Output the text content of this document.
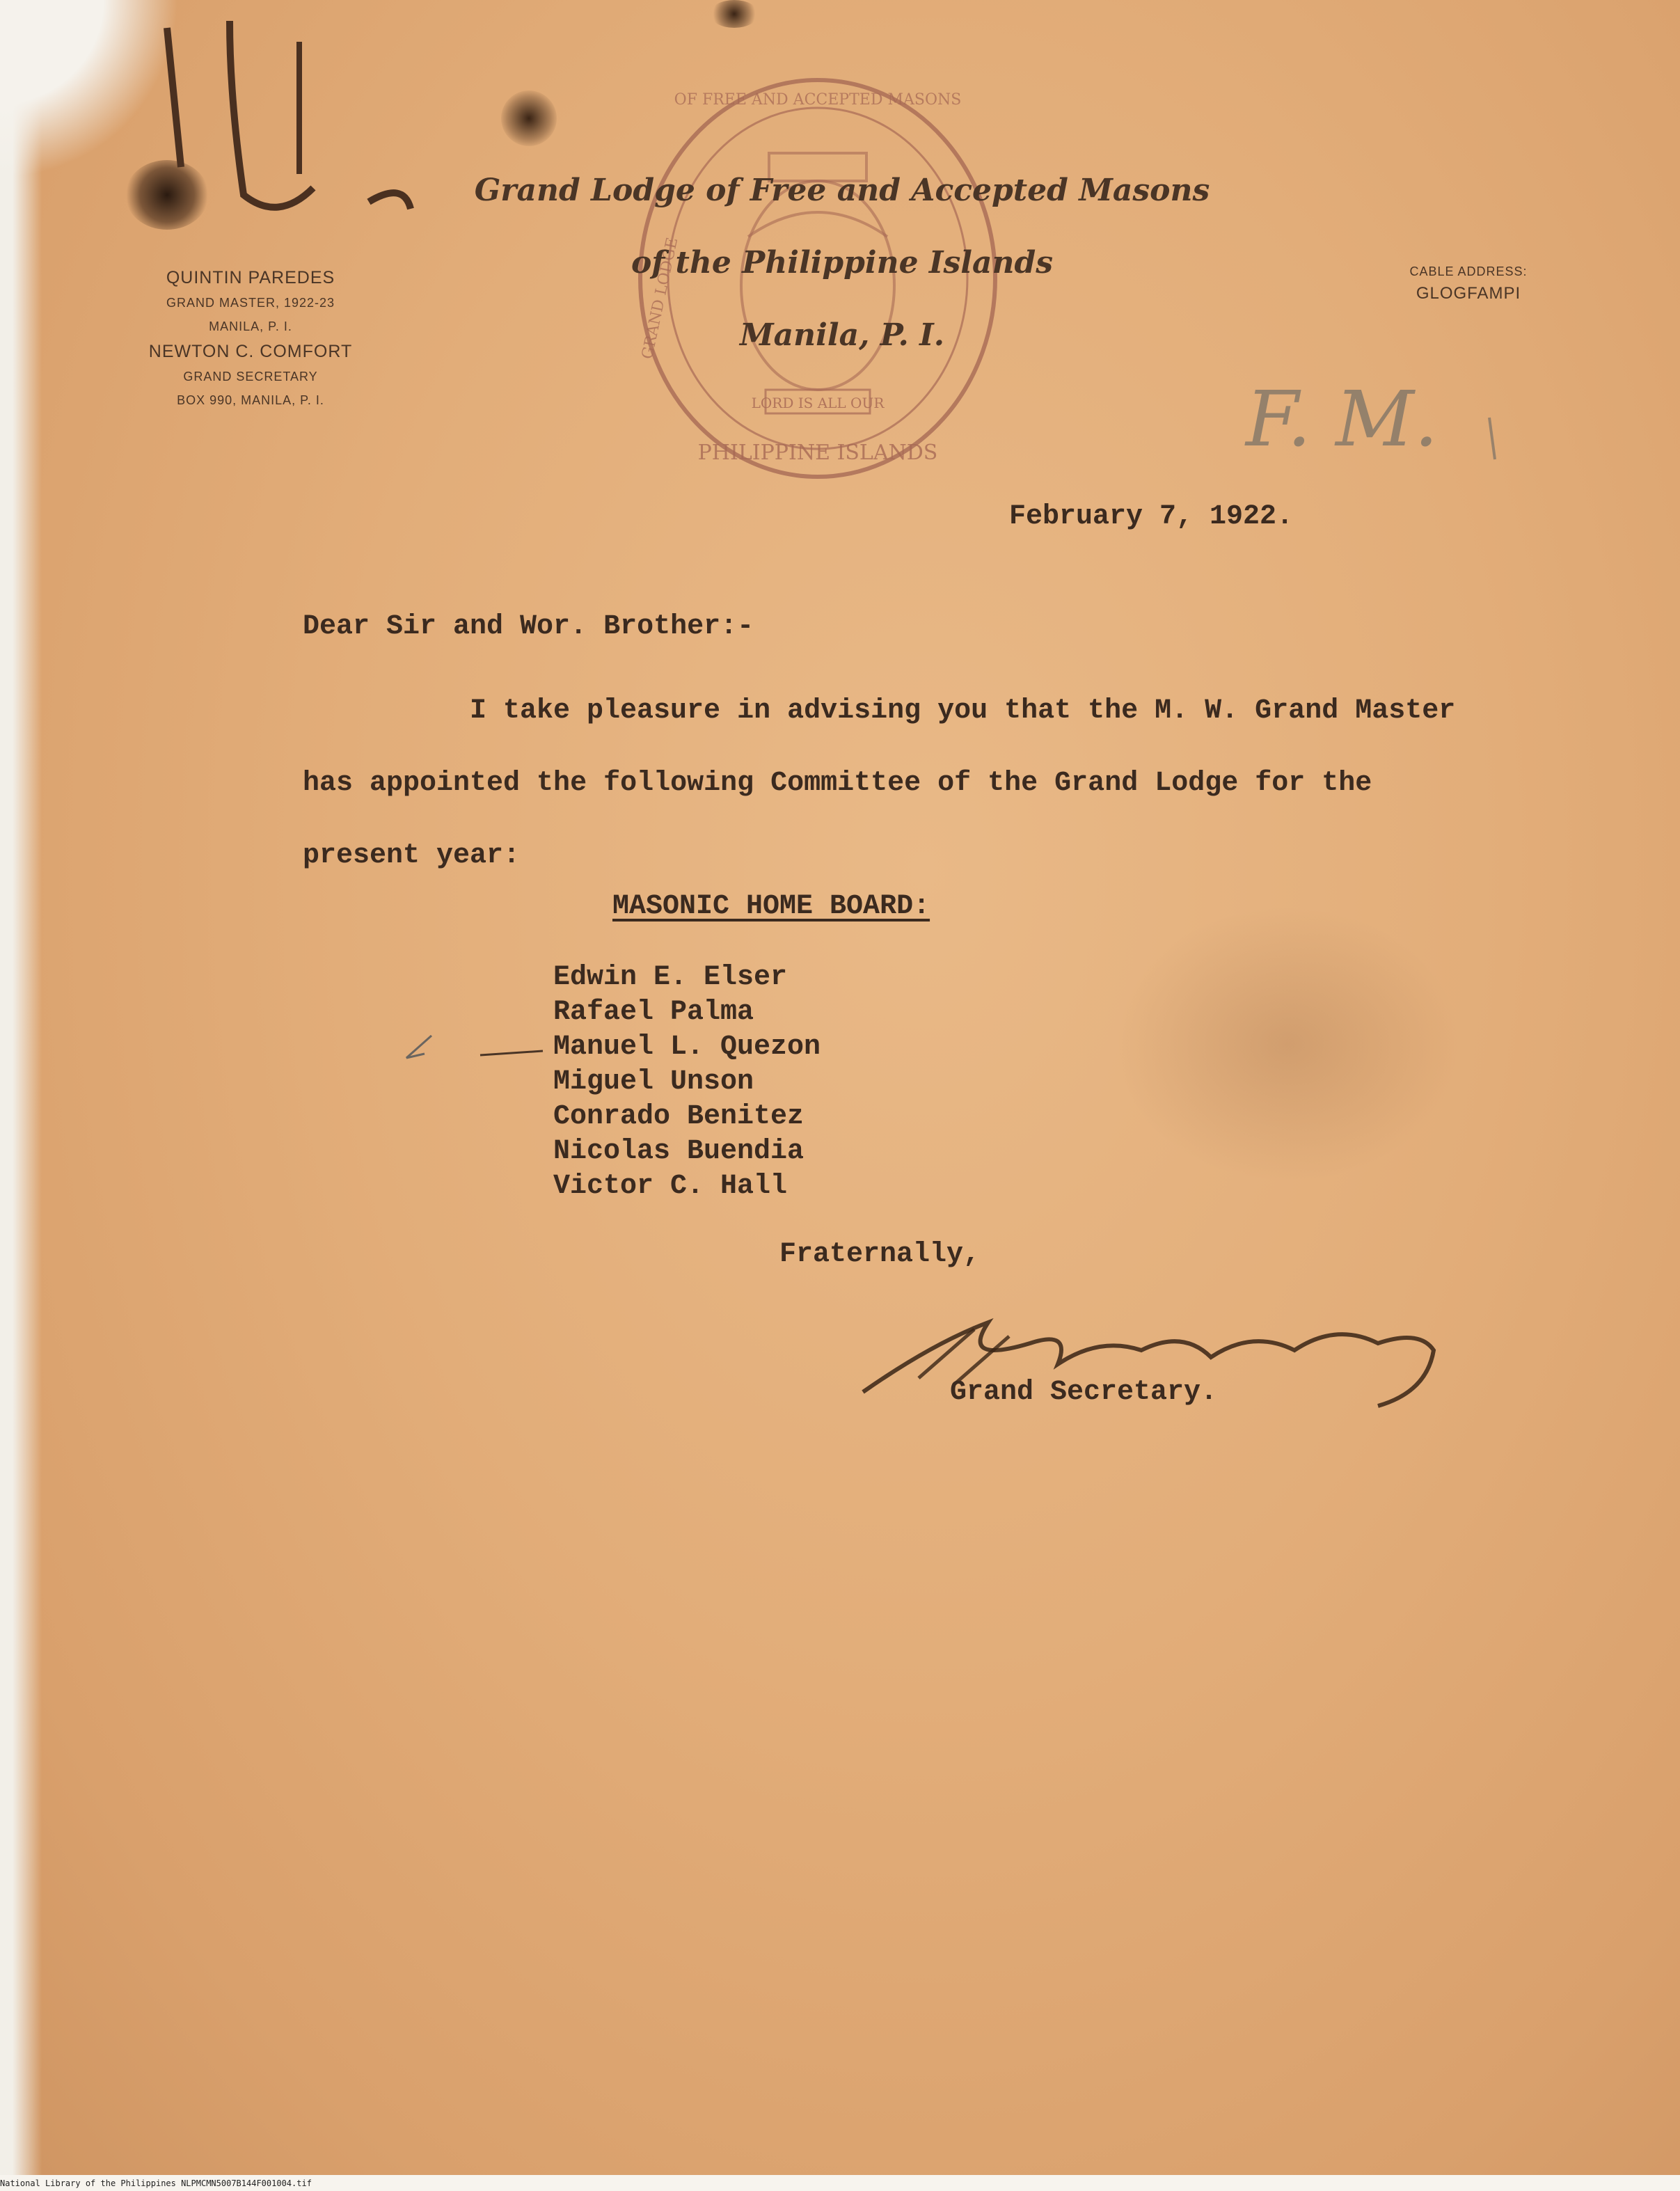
LORD IS ALL OUR
OF FREE AND ACCEPTED MASONS
GRAND LODGE
PHILIPPINE ISLANDS
QUINTIN PAREDES
GRAND MASTER, 1922-23
MANILA, P. I.
NEWTON C. COMFORT
GRAND SECRETARY
BOX 990, MANILA, P. I.
Grand Lodge of Free and Accepted Masons
of the Philippine Islands
Manila, P. I.
CABLE ADDRESS:
GLOGFAMPI
F. M.
February 7, 1922.
Dear Sir and Wor. Brother:-
I take pleasure in advising you that the M. W. Grand Master has appointed the following Committee of the Grand Lodge for the present year:
MASONIC HOME BOARD:
Edwin E. Elser
Rafael Palma
Manuel L. Quezon
Miguel Unson
Conrado Benitez
Nicolas Buendia
Victor C. Hall
Fraternally,
Grand Secretary.
National Library of the Philippines NLPMCMN5007B144F001004.tif
